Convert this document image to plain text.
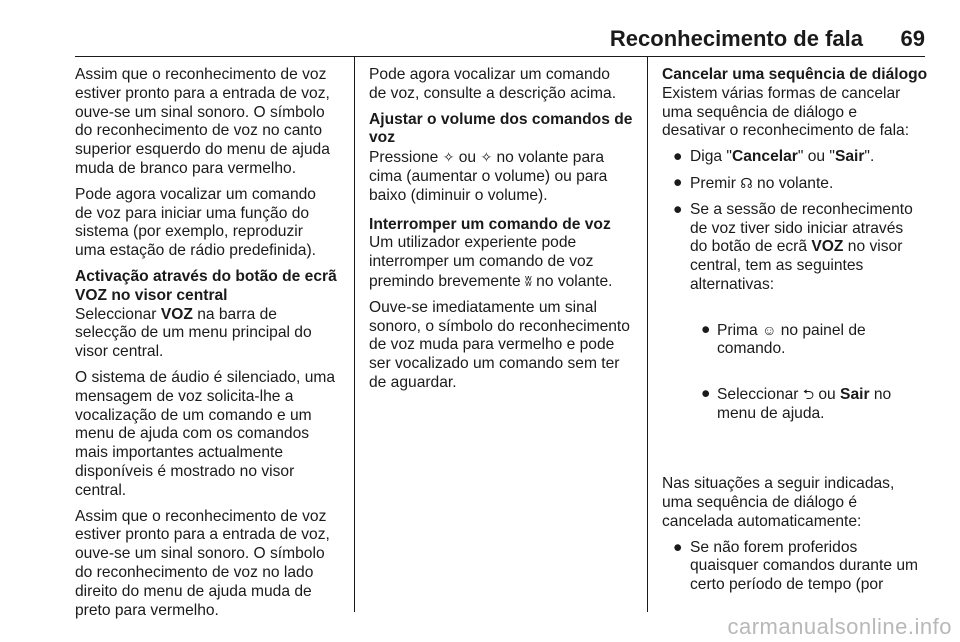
Reconhecimento de fala 69

Assim que o reconhecimento de voz
estiver pronto para a entrada de voz,
ouve-se um sinal sonoro. O símbolo
do reconhecimento de voz no canto
superior esquerdo do menu de ajuda
muda de branco para vermelho.

Pode agora vocalizar um comando
de voz para iniciar uma função do
sistema (por exemplo, reproduzir
uma estação de rádio predefinida).

Activação através do botão de ecrã
VOZ no visor central

Seleccionar VOZ na barra de
selecção de um menu principal do
visor central.

O sistema de áudio é silenciado, uma
mensagem de voz solicita-lhe a
vocalização de um comando e um
menu de ajuda com os comandos
mais importantes actualmente
disponíveis é mostrado no visor
central.

Assim que o reconhecimento de voz
estiver pronto para a entrada de voz,
ouve-se um sinal sonoro. O símbolo
do reconhecimento de voz no lado
direito do menu de ajuda muda de
preto para vermelho.

Pode agora vocalizar um comando
de voz, consulte a descrição acima.

Ajustar o volume dos comandos de
voz

Pressione ✧ ou ✧ no volante para
cima (aumentar o volume) ou para
baixo (diminuir o volume).

Interromper um comando de voz

Um utilizador experiente pode
interromper um comando de voz
premindo brevemente ʬ no volante.

Ouve-se imediatamente um sinal
sonoro, o símbolo do reconhecimento
de voz muda para vermelho e pode
ser vocalizado um comando sem ter
de aguardar.

Cancelar uma sequência de diálogo

Existem várias formas de cancelar
uma sequência de diálogo e
desativar o reconhecimento de fala:

● Diga "Cancelar" ou "Sair".
● Premir ☊ no volante.
● Se a sessão de reconhecimento
de voz tiver sido iniciar através
do botão de ecrã VOZ no visor
central, tem as seguintes
alternativas:

● Prima ☺ no painel de
comando.

● Seleccionar ⮌ ou Sair no
menu de ajuda.

Nas situações a seguir indicadas,
uma sequência de diálogo é
cancelada automaticamente:

● Se não forem proferidos
quaisquer comandos durante um
certo período de tempo (por
carmanualsonline.info
